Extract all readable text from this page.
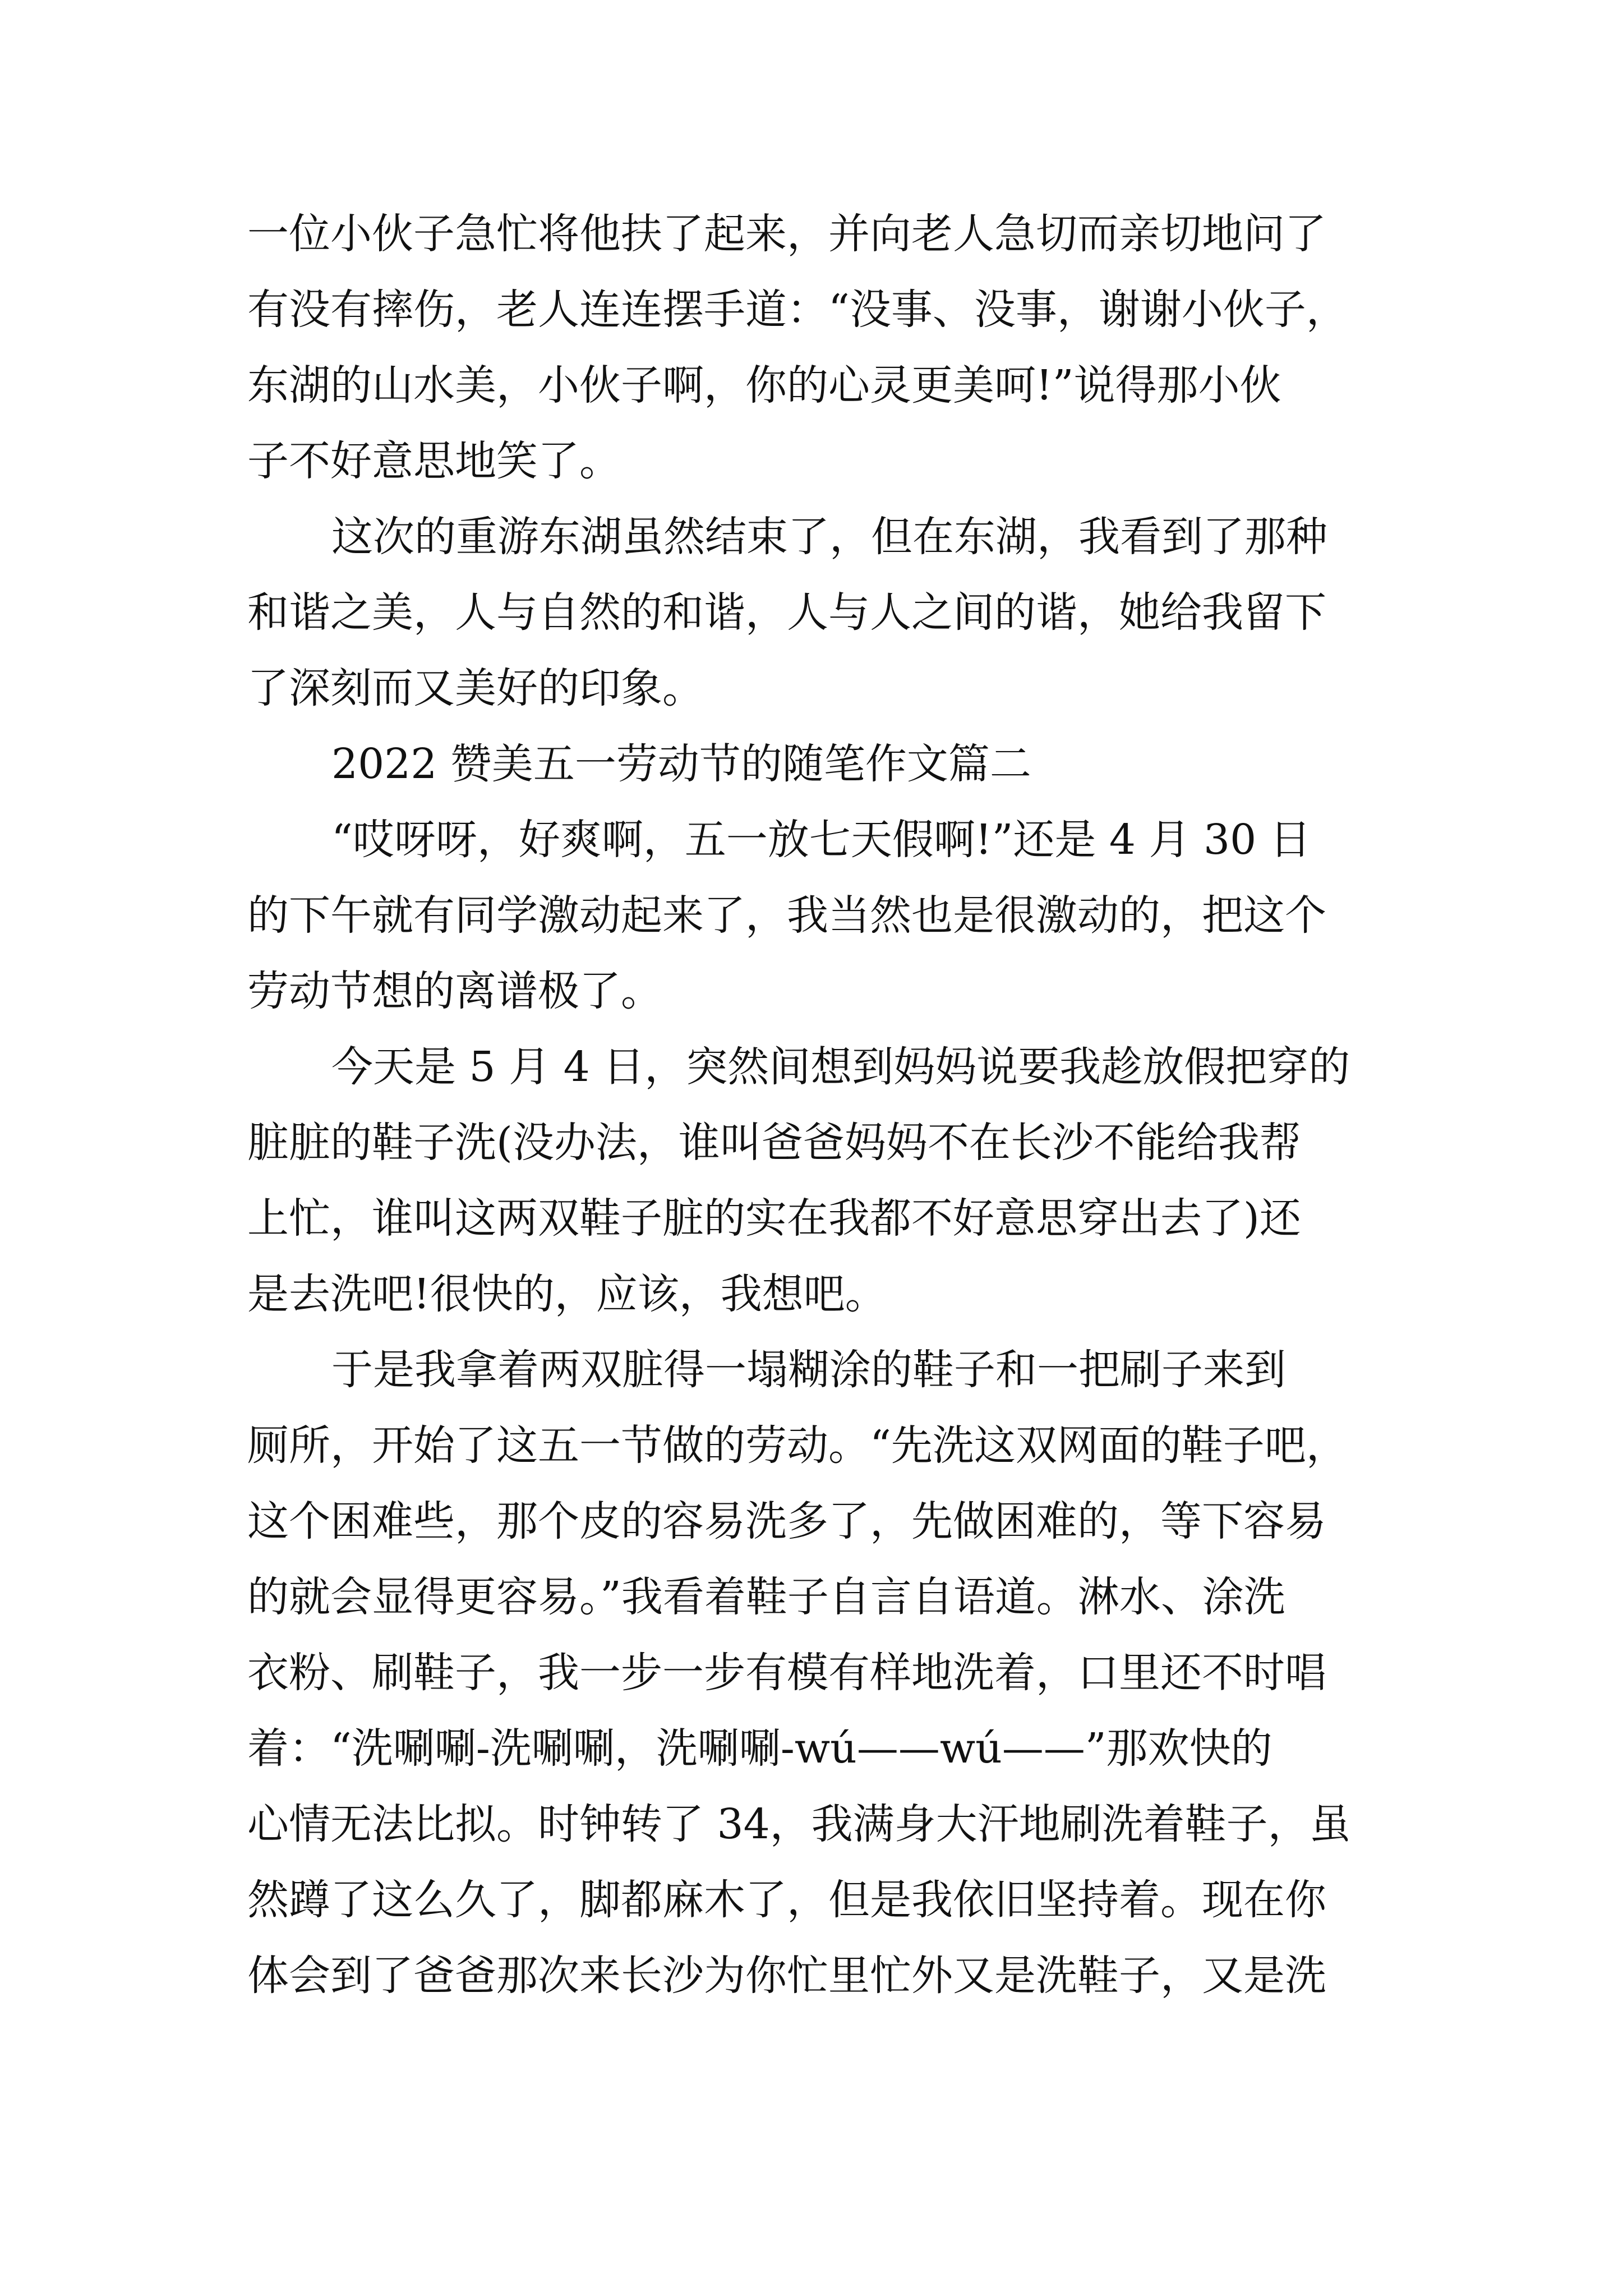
一位小伙子急忙将他扶了起来，并向老人急切而亲切地问了
有没有摔伤，老人连连摆手道：“没事、没事，谢谢小伙子，
东湖的山水美，小伙子啊，你的心灵更美呵!”说得那小伙
子不好意思地笑了。
这次的重游东湖虽然结束了，但在东湖，我看到了那种
和谐之美，人与自然的和谐，人与人之间的谐，她给我留下
了深刻而又美好的印象。
2022 赞美五一劳动节的随笔作文篇二
“哎呀呀，好爽啊，五一放七天假啊!”还是 4 月 30 日
的下午就有同学激动起来了，我当然也是很激动的，把这个
劳动节想的离谱极了。
今天是 5 月 4 日，突然间想到妈妈说要我趁放假把穿的
脏脏的鞋子洗(没办法，谁叫爸爸妈妈不在长沙不能给我帮
上忙，谁叫这两双鞋子脏的实在我都不好意思穿出去了)还
是去洗吧!很快的，应该，我想吧。
于是我拿着两双脏得一塌糊涂的鞋子和一把刷子来到
厕所，开始了这五一节做的劳动。“先洗这双网面的鞋子吧，
这个困难些，那个皮的容易洗多了，先做困难的，等下容易
的就会显得更容易。”我看着鞋子自言自语道。淋水、涂洗
衣粉、刷鞋子，我一步一步有模有样地洗着，口里还不时唱
着：“洗唰唰-洗唰唰，洗唰唰-wú——wú——”那欢快的
心情无法比拟。时钟转了 34，我满身大汗地刷洗着鞋子，虽
然蹲了这么久了，脚都麻木了，但是我依旧坚持着。现在你
体会到了爸爸那次来长沙为你忙里忙外又是洗鞋子，又是洗
